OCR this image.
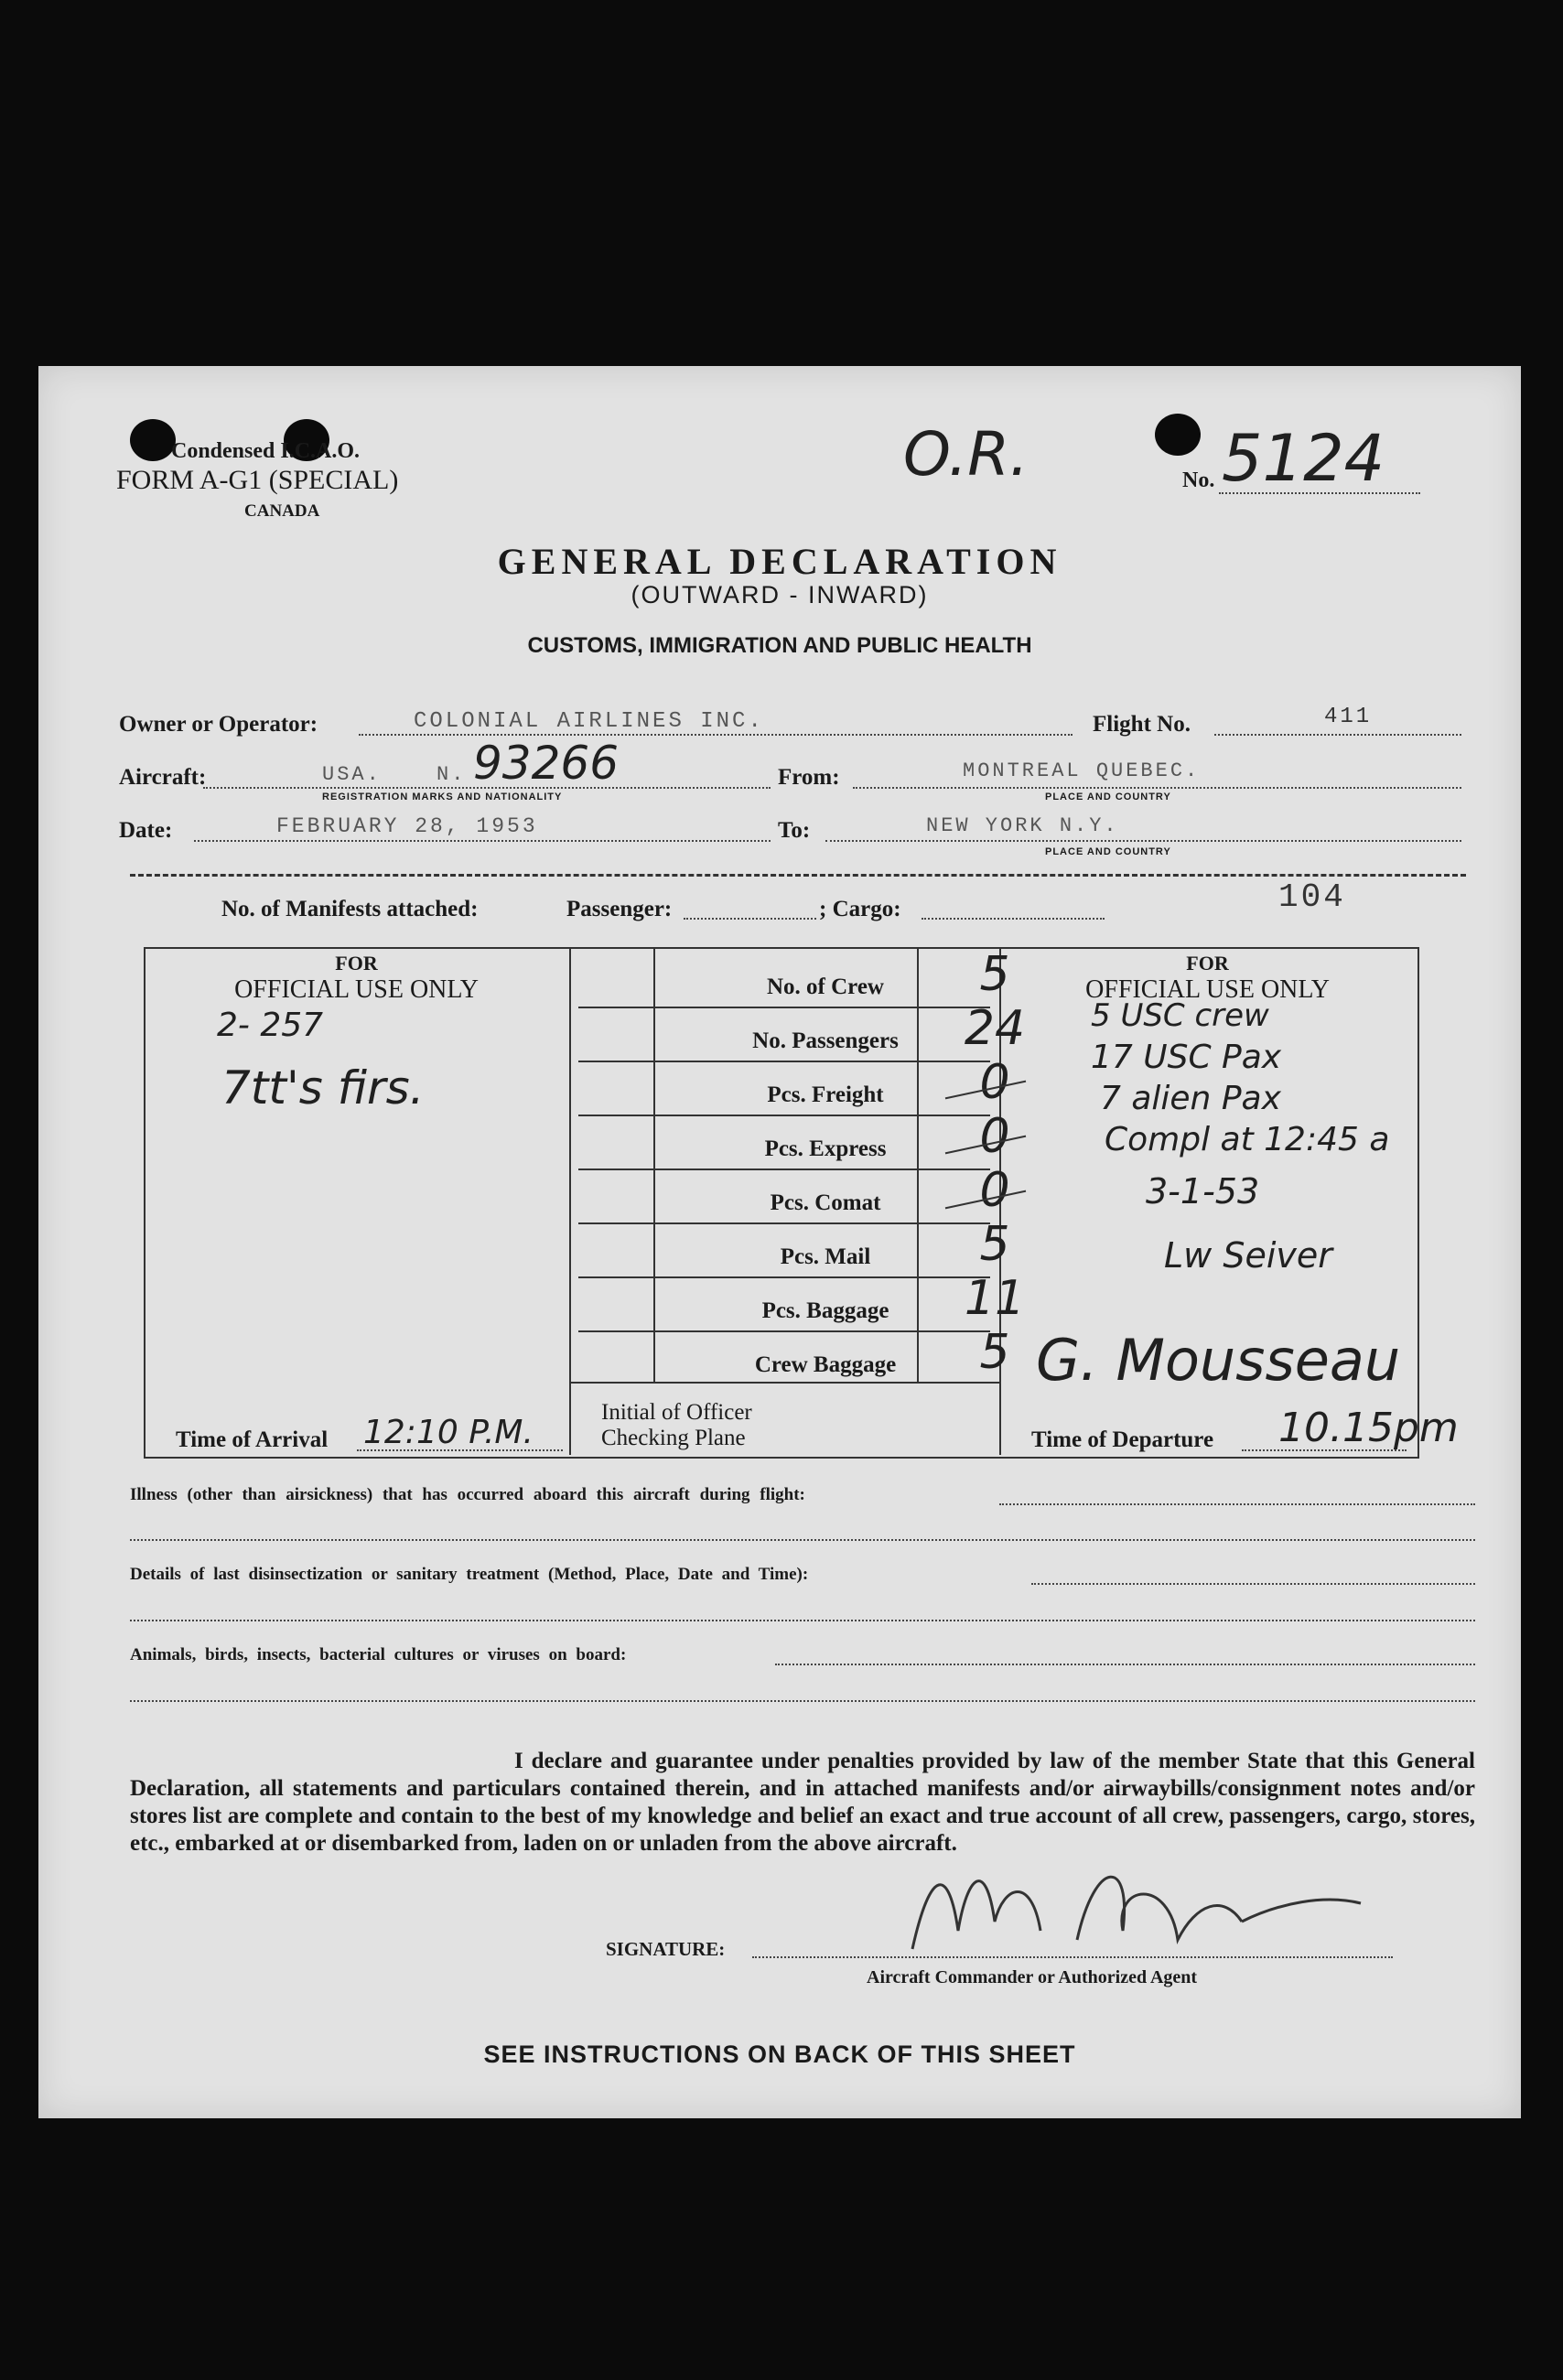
Condensed I.C.A.O.
FORM A-G1 (SPECIAL)
CANADA
O.R.	No. 5124
GENERAL DECLARATION
(OUTWARD - INWARD)
CUSTOMS, IMMIGRATION AND PUBLIC HEALTH
Owner or Operator:	COLONIAL AIRLINES INC.	Flight No.	411
Aircraft:	USA.	N. 93266
REGISTRATION MARKS AND NATIONALITY
From:	MONTREAL QUEBEC.
PLACE AND COUNTRY
Date:	FEBRUARY 28, 1953	To:	NEW YORK N.Y.
PLACE AND COUNTRY
No. of Manifests attached:	Passenger:	; Cargo:	104
FOR
OFFICIAL USE ONLY
2- 257
7tt's firs.
Time of Arrival 12:10 P.M.
No. of Crew	5
No. Passengers	24
Pcs. Freight	0
Pcs. Express	0
Pcs. Comat	0
Pcs. Mail	5
Pcs. Baggage	11
Crew Baggage	5
Initial of Officer
Checking Plane
FOR
OFFICIAL USE ONLY
5 USC crew
17 USC Pax
7 alien Pax
Compl at 12:45 a
3-1-53
Lw Seiver
G. Mousseau
Time of Departure 10.15pm
Illness (other than airsickness) that has occurred aboard this aircraft during flight:
Details of last disinsectization or sanitary treatment (Method, Place, Date and Time):
Animals, birds, insects, bacterial cultures or viruses on board:
I declare and guarantee under penalties provided by law of the member State that this General Declaration, all statements and particulars contained therein, and in attached manifests and/or airwaybills/consignment notes and/or stores list are complete and contain to the best of my knowledge and belief an exact and true account of all crew, passengers, cargo, stores, etc., embarked at or disembarked from, laden on or unladen from the above aircraft.
SIGNATURE:
Aircraft Commander or Authorized Agent
SEE INSTRUCTIONS ON BACK OF THIS SHEET
